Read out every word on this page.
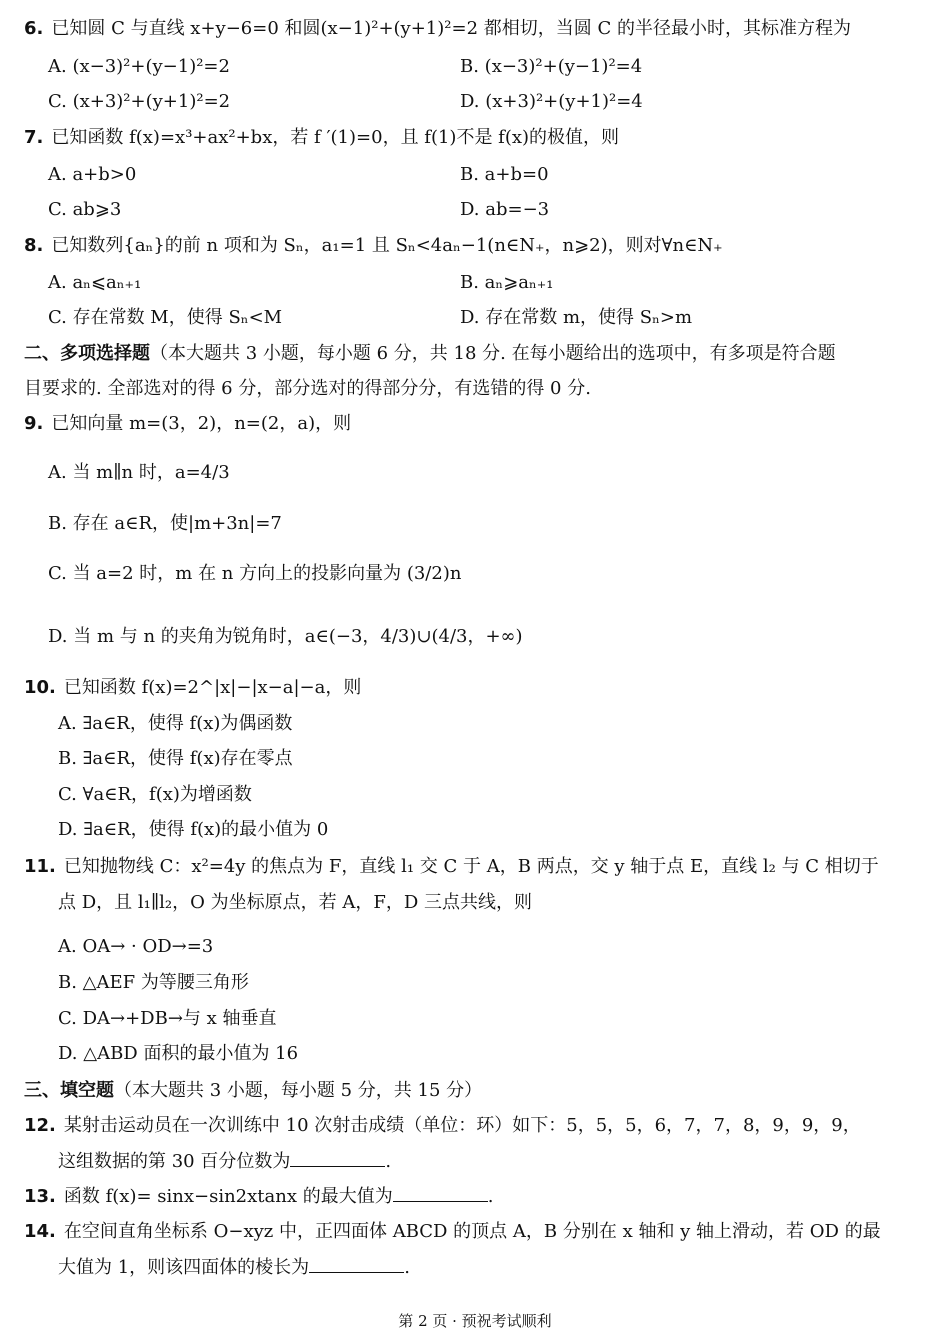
6. 已知圆 C 与直线 x+y−6=0 和圆(x−1)²+(y+1)²=2 都相切，当圆 C 的半径最小时，其标准方程为
A. (x−3)²+(y−1)²=2	B. (x−3)²+(y−1)²=4
C. (x+3)²+(y+1)²=2	D. (x+3)²+(y+1)²=4
7. 已知函数 f(x)=x³+ax²+bx，若 f ′(1)=0，且 f(1)不是 f(x)的极值，则
A. a+b>0	B. a+b=0
C. ab⩾3	D. ab=−3
8. 已知数列{aₙ}的前 n 项和为 Sₙ，a₁=1 且 Sₙ<4aₙ−1(n∈N₊，n⩾2)，则对∀n∈N₊
A. aₙ⩽aₙ₊₁	B. aₙ⩾aₙ₊₁
C. 存在常数 M，使得 Sₙ<M	D. 存在常数 m，使得 Sₙ>m
二、多项选择题（本大题共 3 小题，每小题 6 分，共 18 分. 在每小题给出的选项中，有多项是符合题
目要求的. 全部选对的得 6 分，部分选对的得部分分，有选错的得 0 分.
9. 已知向量 m=(3，2)，n=(2，a)，则
A. 当 m∥n 时，a=4/3
B. 存在 a∈R，使|m+3n|=7
C. 当 a=2 时，m 在 n 方向上的投影向量为 (3/2)n
D. 当 m 与 n 的夹角为锐角时，a∈(−3，4/3)∪(4/3，+∞)
10. 已知函数 f(x)=2^|x|−|x−a|−a，则
A. ∃a∈R，使得 f(x)为偶函数
B. ∃a∈R，使得 f(x)存在零点
C. ∀a∈R，f(x)为增函数
D. ∃a∈R，使得 f(x)的最小值为 0
11. 已知抛物线 C：x²=4y 的焦点为 F，直线 l₁ 交 C 于 A，B 两点，交 y 轴于点 E，直线 l₂ 与 C 相切于
点 D，且 l₁∥l₂，O 为坐标原点，若 A，F，D 三点共线，则
A. OA→ · OD→=3
B. △AEF 为等腰三角形
C. DA→+DB→与 x 轴垂直
D. △ABD 面积的最小值为 16
三、填空题（本大题共 3 小题，每小题 5 分，共 15 分）
12. 某射击运动员在一次训练中 10 次射击成绩（单位：环）如下：5，5，5，6，7，7，8，9，9，9，
这组数据的第 30 百分位数为	.
13. 函数 f(x)= sinx−sin2xtanx 的最大值为	.
14. 在空间直角坐标系 O−xyz 中，正四面体 ABCD 的顶点 A，B 分别在 x 轴和 y 轴上滑动，若 OD 的最
大值为 1，则该四面体的棱长为	.
第 2 页 · 预祝考试顺利
